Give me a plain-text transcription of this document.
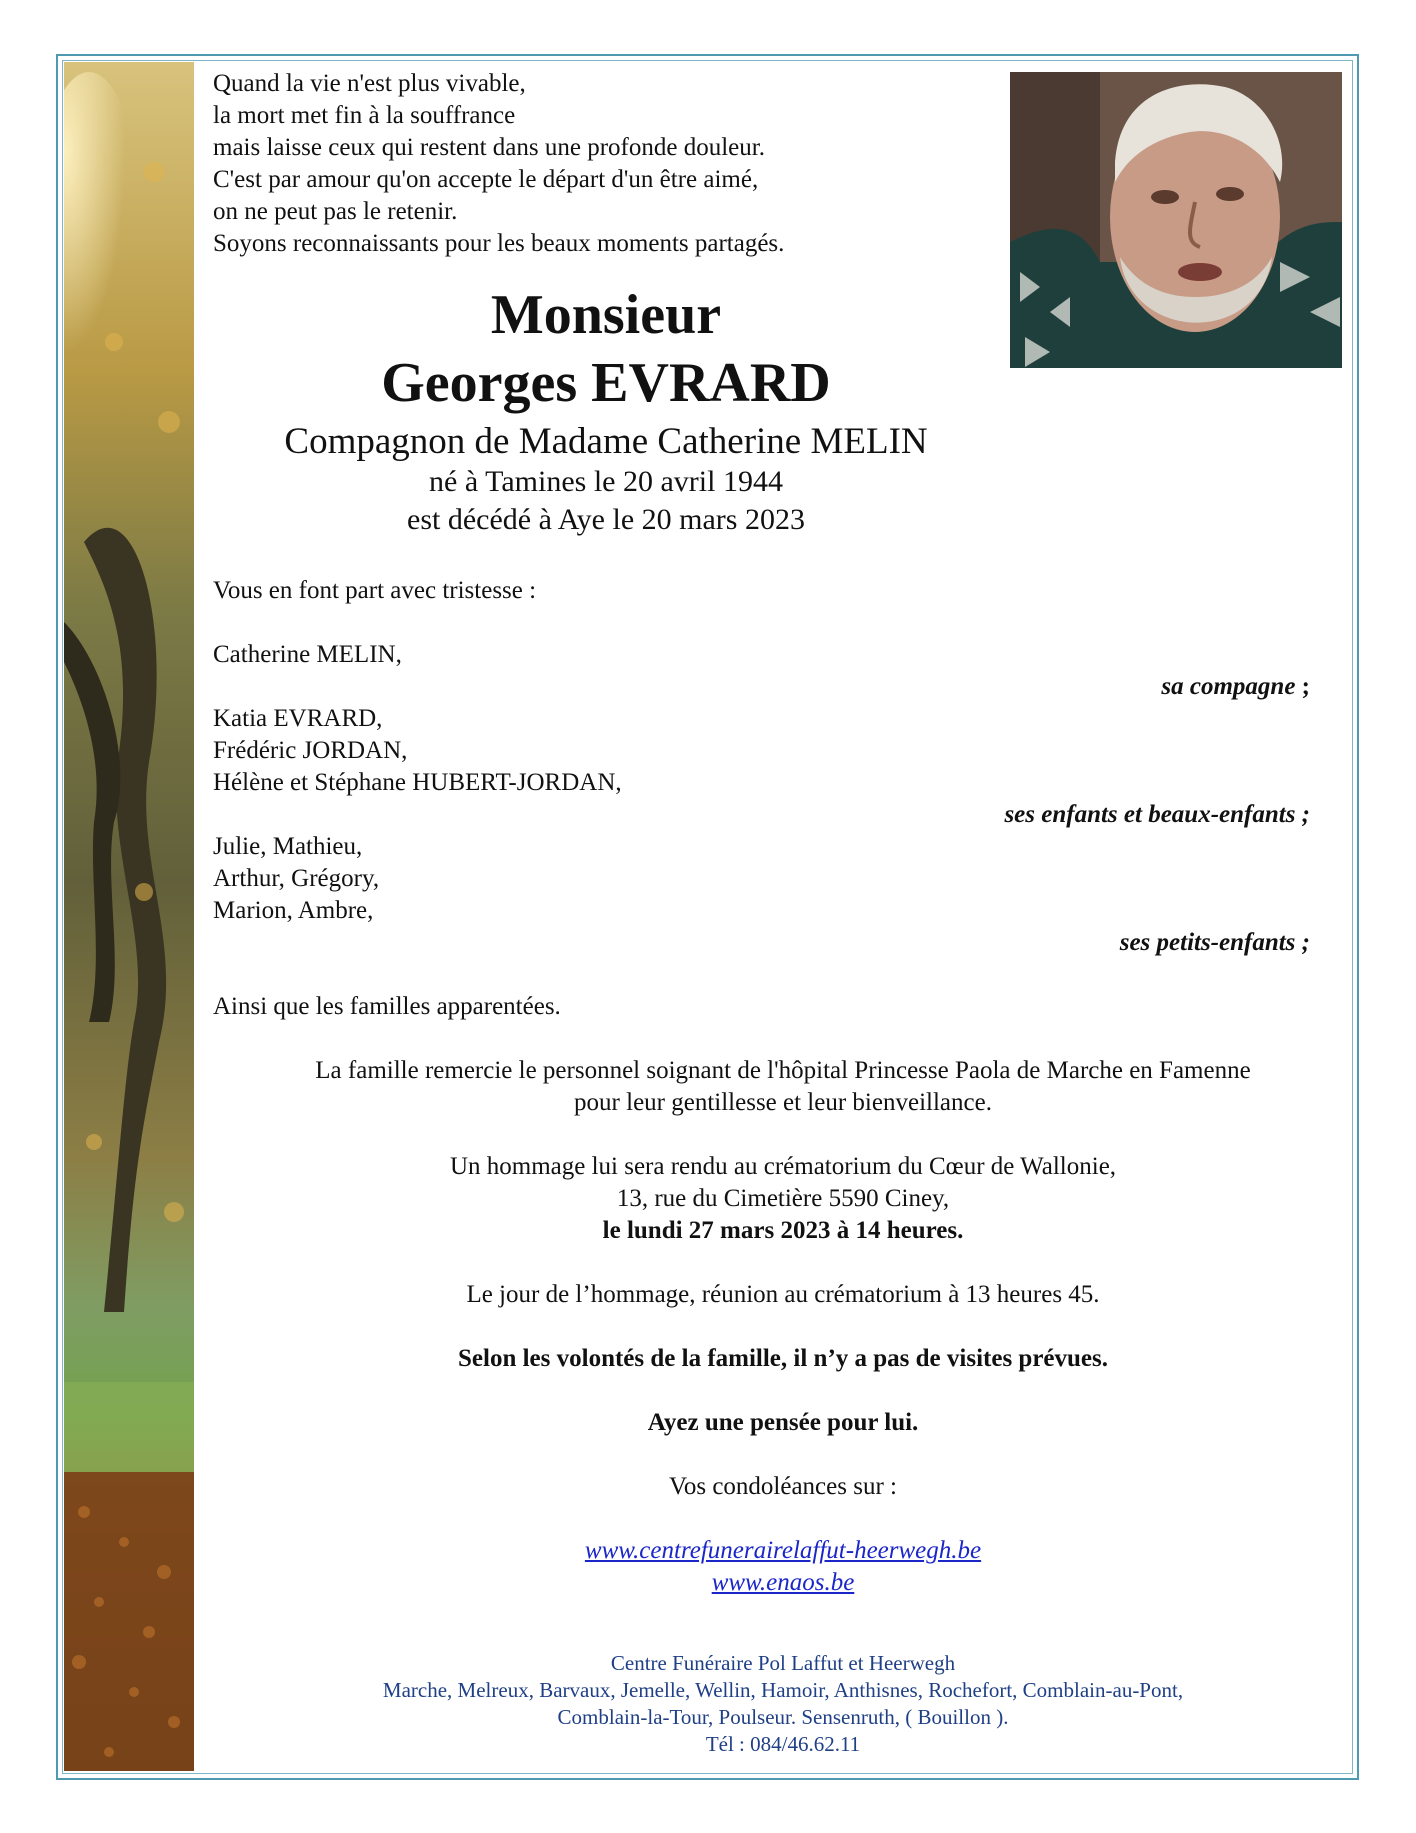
Quand la vie n'est plus vivable,
la mort met fin à la souffrance
mais laisse ceux qui restent dans une profonde douleur.
C'est par amour qu'on accepte le départ d'un être aimé,
on ne peut pas le retenir.
Soyons reconnaissants pour les beaux moments partagés.
Monsieur
Georges EVRARD
Compagnon de Madame Catherine MELIN
né à Tamines le 20 avril 1944
est décédé à Aye le 20 mars 2023
Vous en font part avec tristesse :
Catherine MELIN,
sa compagne ;
Katia EVRARD,
Frédéric JORDAN,
Hélène et Stéphane HUBERT-JORDAN,
ses enfants et beaux-enfants ;
Julie, Mathieu,
Arthur, Grégory,
Marion, Ambre,
ses petits-enfants ;
Ainsi que les familles apparentées.
La famille remercie le personnel soignant de l'hôpital Princesse Paola de Marche en Famenne
pour leur gentillesse et leur bienveillance.
Un hommage lui sera rendu au crématorium du Cœur de Wallonie,
13, rue du Cimetière 5590 Ciney,
le lundi 27 mars 2023 à 14 heures.
Le jour de l’hommage, réunion au crématorium à 13 heures 45.
Selon les volontés de la famille, il n’y a pas de visites prévues.
Ayez une pensée pour lui.
Vos condoléances sur :
www.centrefunerairelaffut-heerwegh.be
www.enaos.be
Centre Funéraire Pol Laffut et Heerwegh
Marche, Melreux, Barvaux, Jemelle, Wellin, Hamoir, Anthisnes, Rochefort, Comblain-au-Pont,
Comblain-la-Tour, Poulseur. Sensenruth, ( Bouillon ).
Tél : 084/46.62.11
